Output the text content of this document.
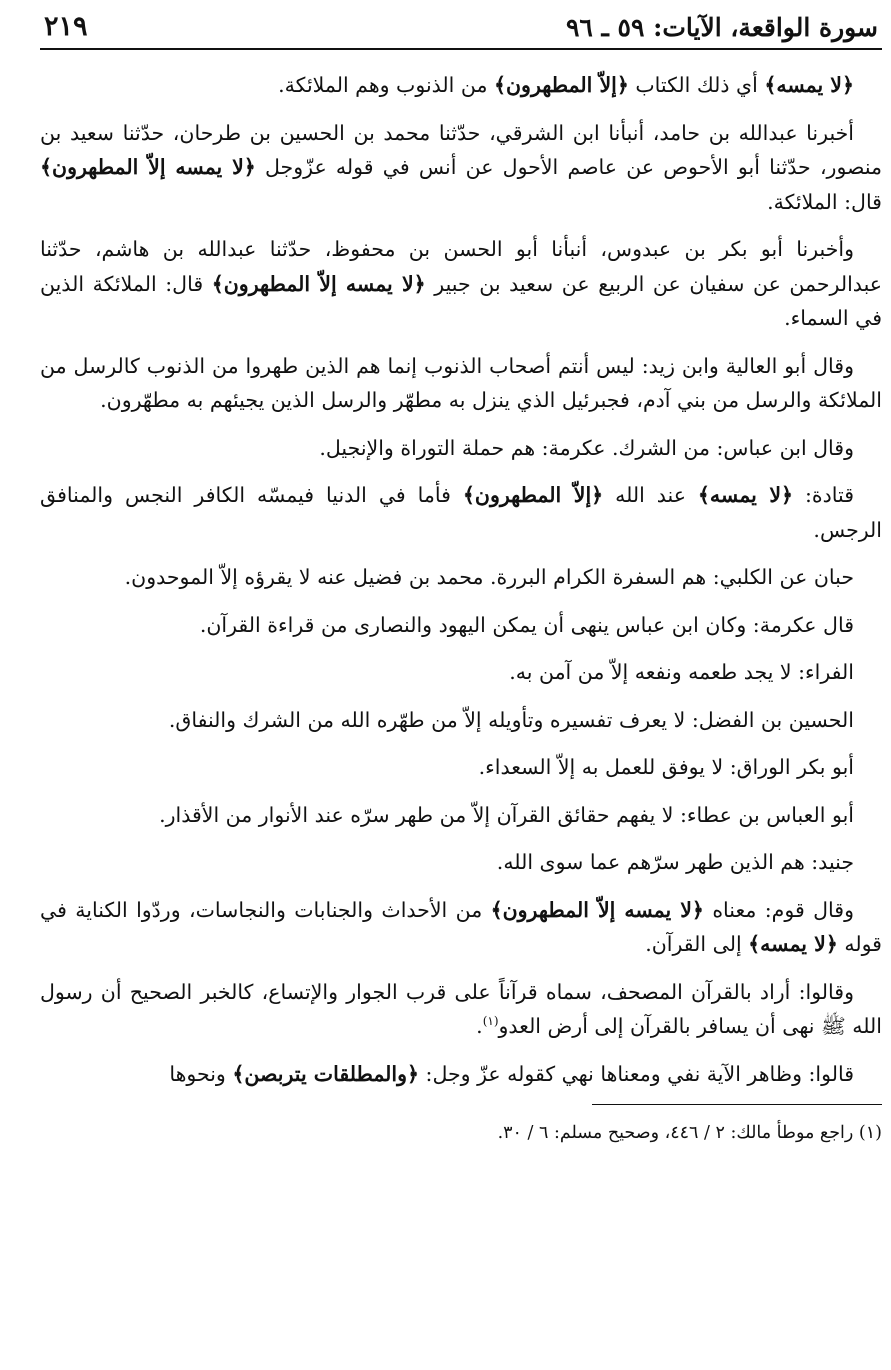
سورة الواقعة، الآيات: ٥٩ ـ ٩٦
٢١٩

﴿لا يمسه﴾ أي ذلك الكتاب ﴿إلاّ المطهرون﴾ من الذنوب وهم الملائكة.

أخبرنا عبدالله بن حامد، أنبأنا ابن الشرقي، حدّثنا محمد بن الحسين بن طرحان، حدّثنا سعيد بن منصور، حدّثنا أبو الأحوص عن عاصم الأحول عن أنس في قوله عزّوجل ﴿لا يمسه إلاّ المطهرون﴾ قال: الملائكة.

وأخبرنا أبو بكر بن عبدوس، أنبأنا أبو الحسن بن محفوظ، حدّثنا عبدالله بن هاشم، حدّثنا عبدالرحمن عن سفيان عن الربيع عن سعيد بن جبير ﴿لا يمسه إلاّ المطهرون﴾ قال: الملائكة الذين في السماء.

وقال أبو العالية وابن زيد: ليس أنتم أصحاب الذنوب إنما هم الذين طهروا من الذنوب كالرسل من الملائكة والرسل من بني آدم، فجبرئيل الذي ينزل به مطهّر والرسل الذين يجيئهم به مطهّرون.

وقال ابن عباس: من الشرك. عكرمة: هم حملة التوراة والإنجيل.

قتادة: ﴿لا يمسه﴾ عند الله ﴿إلاّ المطهرون﴾ فأما في الدنيا فيمسّه الكافر النجس والمنافق الرجس.

حبان عن الكلبي: هم السفرة الكرام البررة. محمد بن فضيل عنه لا يقرؤه إلاّ الموحدون.

قال عكرمة: وكان ابن عباس ينهى أن يمكن اليهود والنصارى من قراءة القرآن.

الفراء: لا يجد طعمه ونفعه إلاّ من آمن به.

الحسين بن الفضل: لا يعرف تفسيره وتأويله إلاّ من طهّره الله من الشرك والنفاق.

أبو بكر الوراق: لا يوفق للعمل به إلاّ السعداء.

أبو العباس بن عطاء: لا يفهم حقائق القرآن إلاّ من طهر سرّه عند الأنوار من الأقذار.

جنيد: هم الذين طهر سرّهم عما سوى الله.

وقال قوم: معناه ﴿لا يمسه إلاّ المطهرون﴾ من الأحداث والجنابات والنجاسات، وردّوا الكناية في قوله ﴿لا يمسه﴾ إلى القرآن.

وقالوا: أراد بالقرآن المصحف، سماه قرآناً على قرب الجوار والإتساع، كالخبر الصحيح أن رسول الله ﷺ نهى أن يسافر بالقرآن إلى أرض العدو$^{(١)}$.

قالوا: وظاهر الآية نفي ومعناها نهي كقوله عزّ وجل: ﴿والمطلقات يتربصن﴾ ونحوها

(١) راجع موطأ مالك: ٢ / ٤٤٦، وصحيح مسلم: ٦ / ٣٠.
